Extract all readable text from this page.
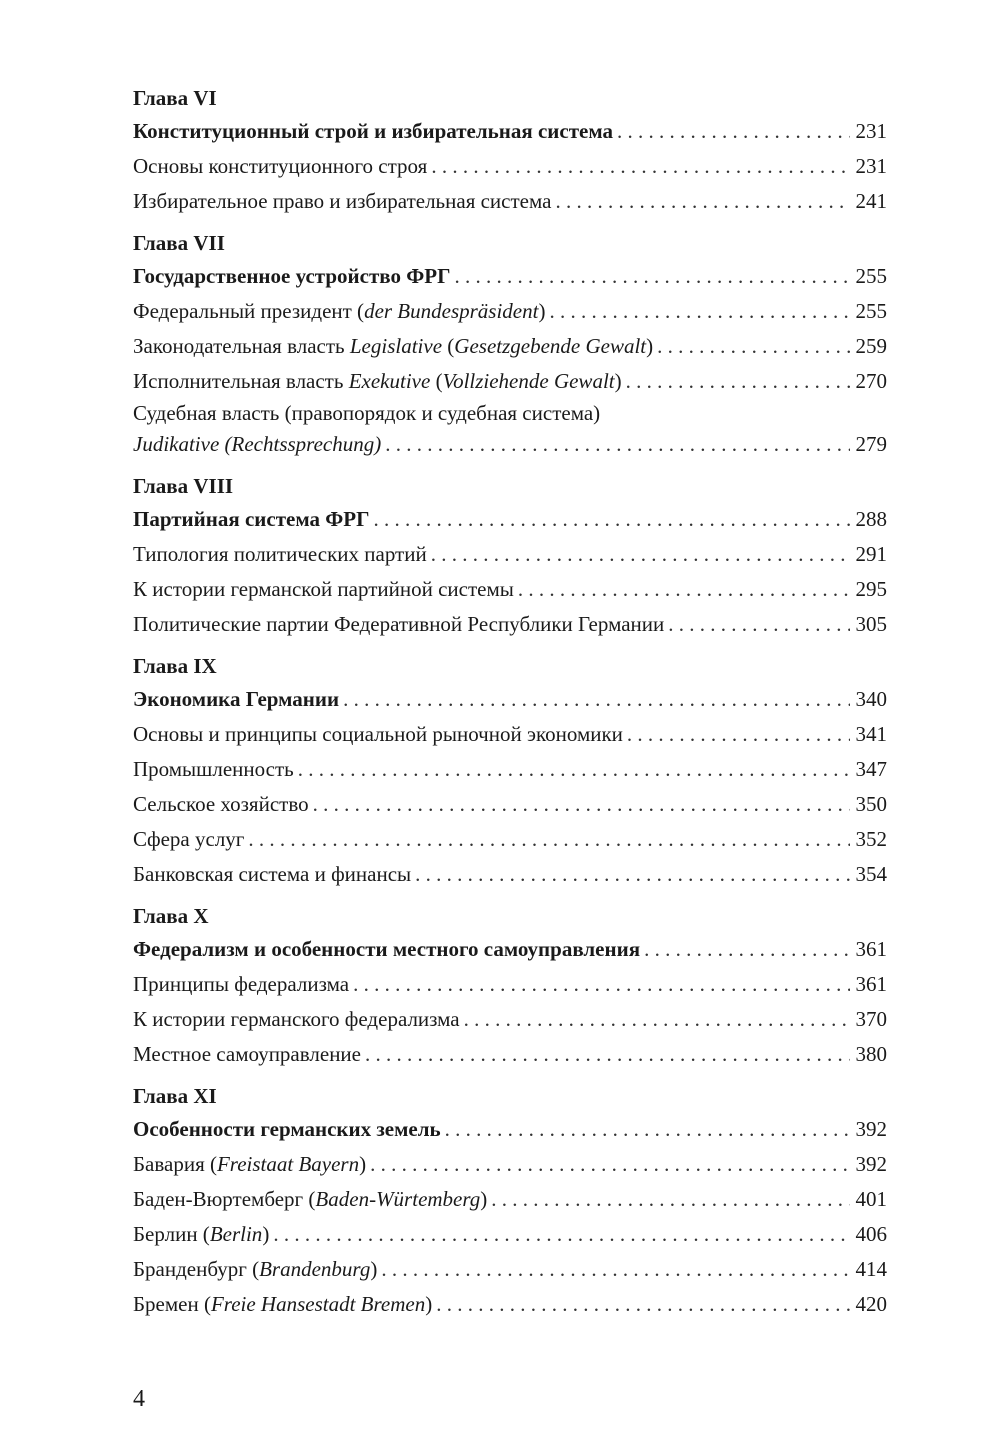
Глава VI
Конституционный строй и избирательная система . . .	231
Основы конституционного строя . . .	231
Избирательное право и избирательная система . . .	241
Глава VII
Государственное устройство ФРГ . . .	255
Федеральный президент (der Bundespräsident) . . .	255
Законодательная власть Legislative (Gesetzgebende Gewalt) . . .	259
Исполнительная власть Exekutive (Vollziehende Gewalt) . . .	270
Судебная власть (правопорядок и судебная система)
Judikative (Rechtssprechung) . . .	279
Глава VIII
Партийная система ФРГ . . .	288
Типология политических партий . . .	291
К истории германской партийной системы . . .	295
Политические партии Федеративной Республики Германии . . .	305
Глава IX
Экономика Германии . . .	340
Основы и принципы социальной рыночной экономики . . .	341
Промышленность . . .	347
Сельское хозяйство . . .	350
Сфера услуг . . .	352
Банковская система и финансы . . .	354
Глава X
Федерализм и особенности местного самоуправления . . .	361
Принципы федерализма . . .	361
К истории германского федерализма . . .	370
Местное самоуправление . . .	380
Глава XI
Особенности германских земель . . .	392
Бавария (Freistaat Bayern) . . .	392
Баден-Вюртемберг (Baden-Würtemberg) . . .	401
Берлин (Berlin) . . .	406
Бранденбург (Brandenburg) . . .	414
Бремен (Freie Hansestadt Bremen) . . .	420
4
